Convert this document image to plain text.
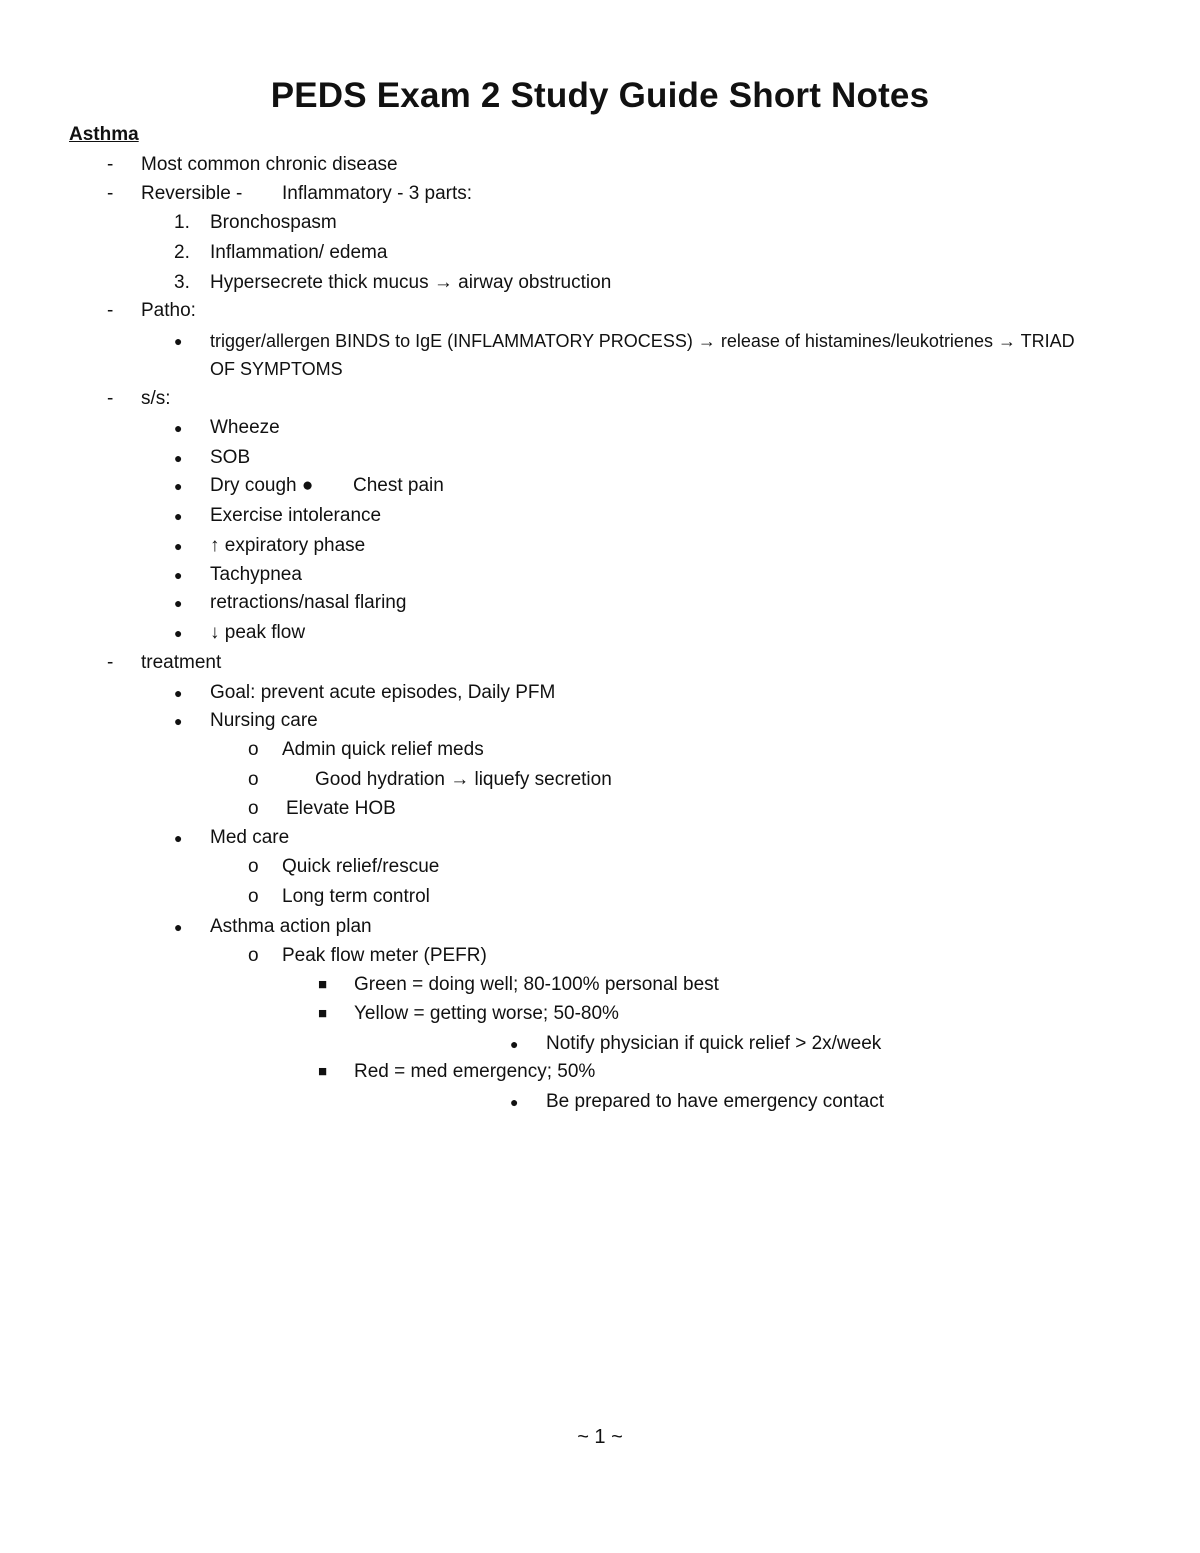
PEDS Exam 2 Study Guide Short Notes
Asthma
- Most common chronic disease
- Reversible - Inflammatory - 3 parts:
1. Bronchospasm
2. Inflammation/ edema
3. Hypersecrete thick mucus → airway obstruction
- Patho:
● trigger/allergen BINDS to IgE (INFLAMMATORY PROCESS) → release of histamines/leukotrienes → TRIAD
OF SYMPTOMS
- s/s:
● Wheeze
● SOB
● Dry cough ● Chest pain
● Exercise intolerance
● ↑ expiratory phase
● Tachypnea
● retractions/nasal flaring
● ↓ peak flow
- treatment
● Goal: prevent acute episodes, Daily PFM
● Nursing care
o Admin quick relief meds
o	Good hydration → liquefy secretion
o Elevate HOB
● Med care
o Quick relief/rescue
o Long term control
● Asthma action plan
o Peak flow meter (PEFR)
■ Green = doing well; 80-100% personal best
■ Yellow = getting worse; 50-80%
● Notify physician if quick relief > 2x/week
■ Red = med emergency; 50%
● Be prepared to have emergency contact
~ 1 ~
